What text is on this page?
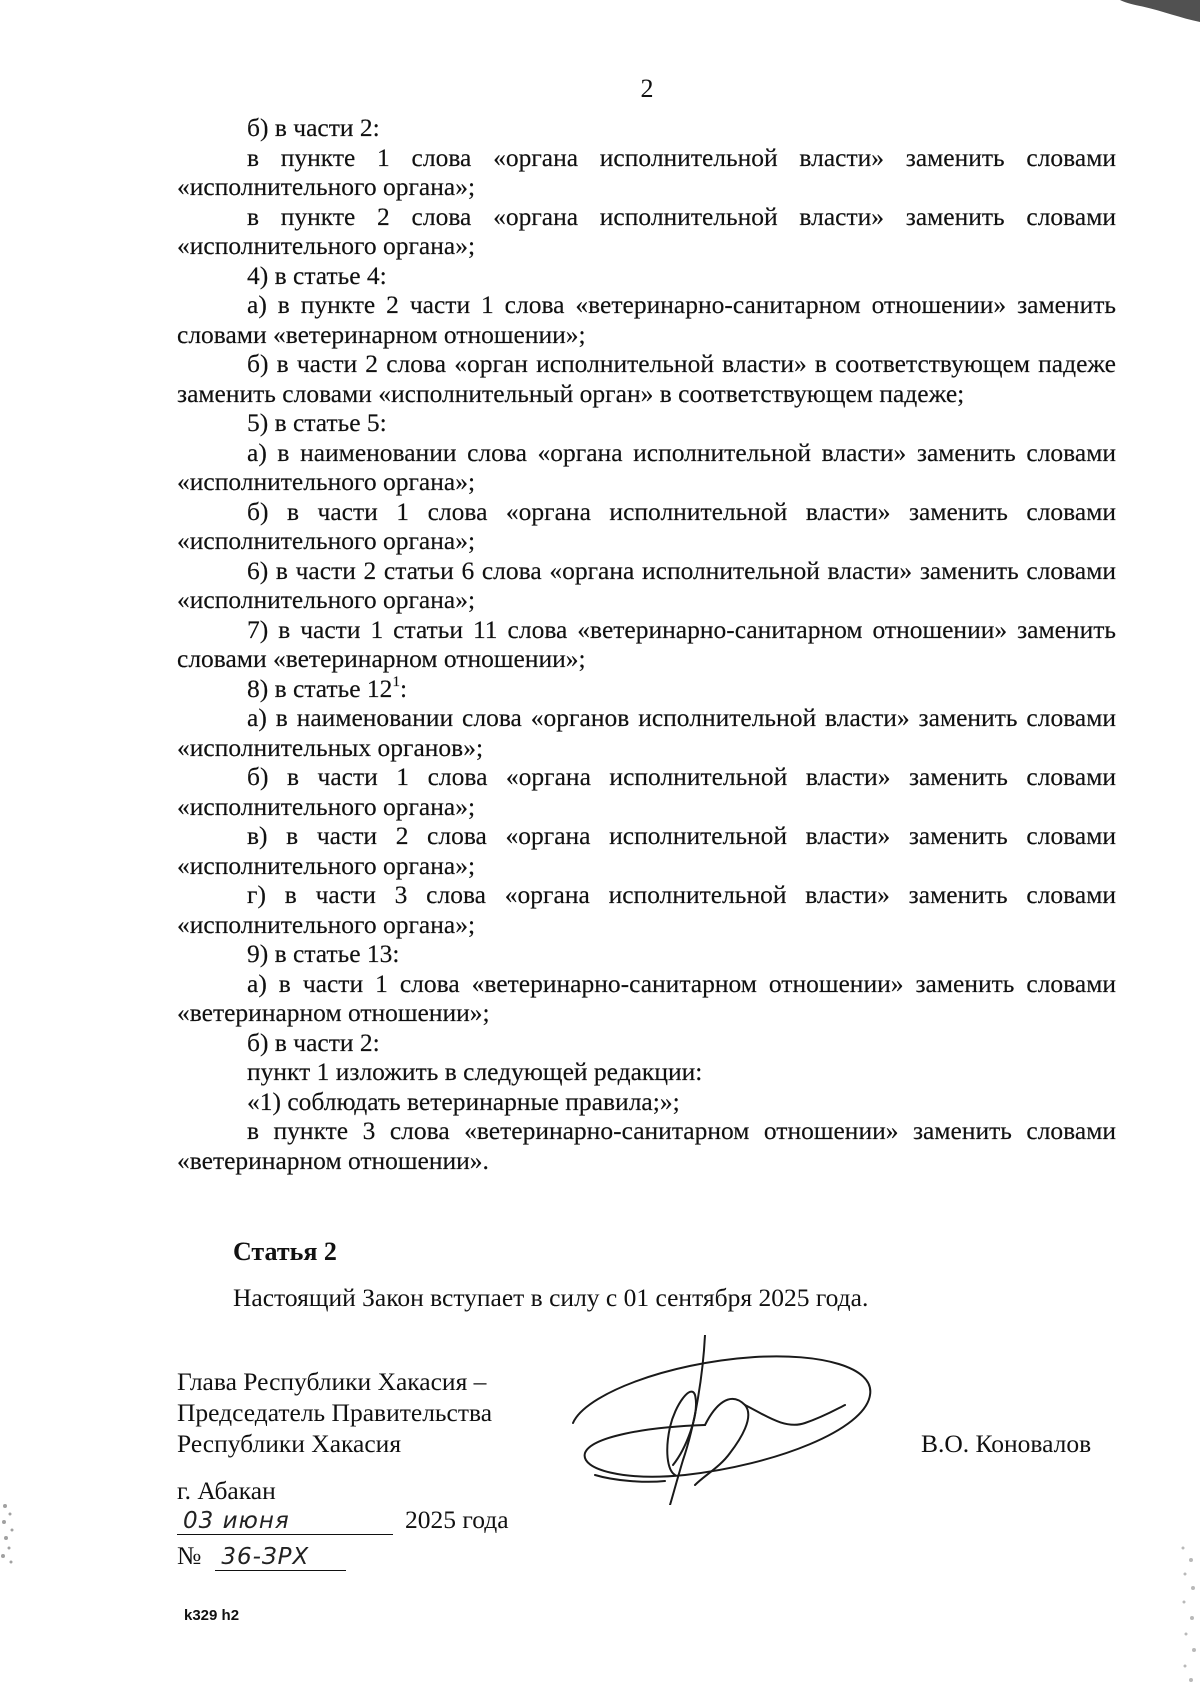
2

б) в части 2:

в пункте 1 слова «органа исполнительной власти» заменить словами «исполнительного органа»;

в пункте 2 слова «органа исполнительной власти» заменить словами «исполнительного органа»;

4) в статье 4:

а) в пункте 2 части 1 слова «ветеринарно-санитарном отношении» заменить словами «ветеринарном отношении»;

б) в части 2 слова «орган исполнительной власти» в соответствующем падеже заменить словами «исполнительный орган» в соответствующем падеже;

5) в статье 5:

а) в наименовании слова «органа исполнительной власти» заменить словами «исполнительного органа»;

б) в части 1 слова «органа исполнительной власти» заменить словами «исполнительного органа»;

6) в части 2 статьи 6 слова «органа исполнительной власти» заменить словами «исполнительного органа»;

7) в части 1 статьи 11 слова «ветеринарно-санитарном отношении» заменить словами «ветеринарном отношении»;

8) в статье $12^1$:

а) в наименовании слова «органов исполнительной власти» заменить словами «исполнительных органов»;

б) в части 1 слова «органа исполнительной власти» заменить словами «исполнительного органа»;

в) в части 2 слова «органа исполнительной власти» заменить словами «исполнительного органа»;

г) в части 3 слова «органа исполнительной власти» заменить словами «исполнительного органа»;

9) в статье 13:

а) в части 1 слова «ветеринарно-санитарном отношении» заменить словами «ветеринарном отношении»;

б) в части 2:

пункт 1 изложить в следующей редакции:

«1) соблюдать ветеринарные правила;»;

в пункте 3 слова «ветеринарно-санитарном отношении» заменить словами «ветеринарном отношении».

Статья 2
Настоящий Закон вступает в силу с 01 сентября 2025 года.
Глава Республики Хакасия –
Председатель Правительства
Республики Хакасия	В.О. Коновалов
г. Абакан
03 июня	2025 года
№ 36-ЗРХ
k329 h2
